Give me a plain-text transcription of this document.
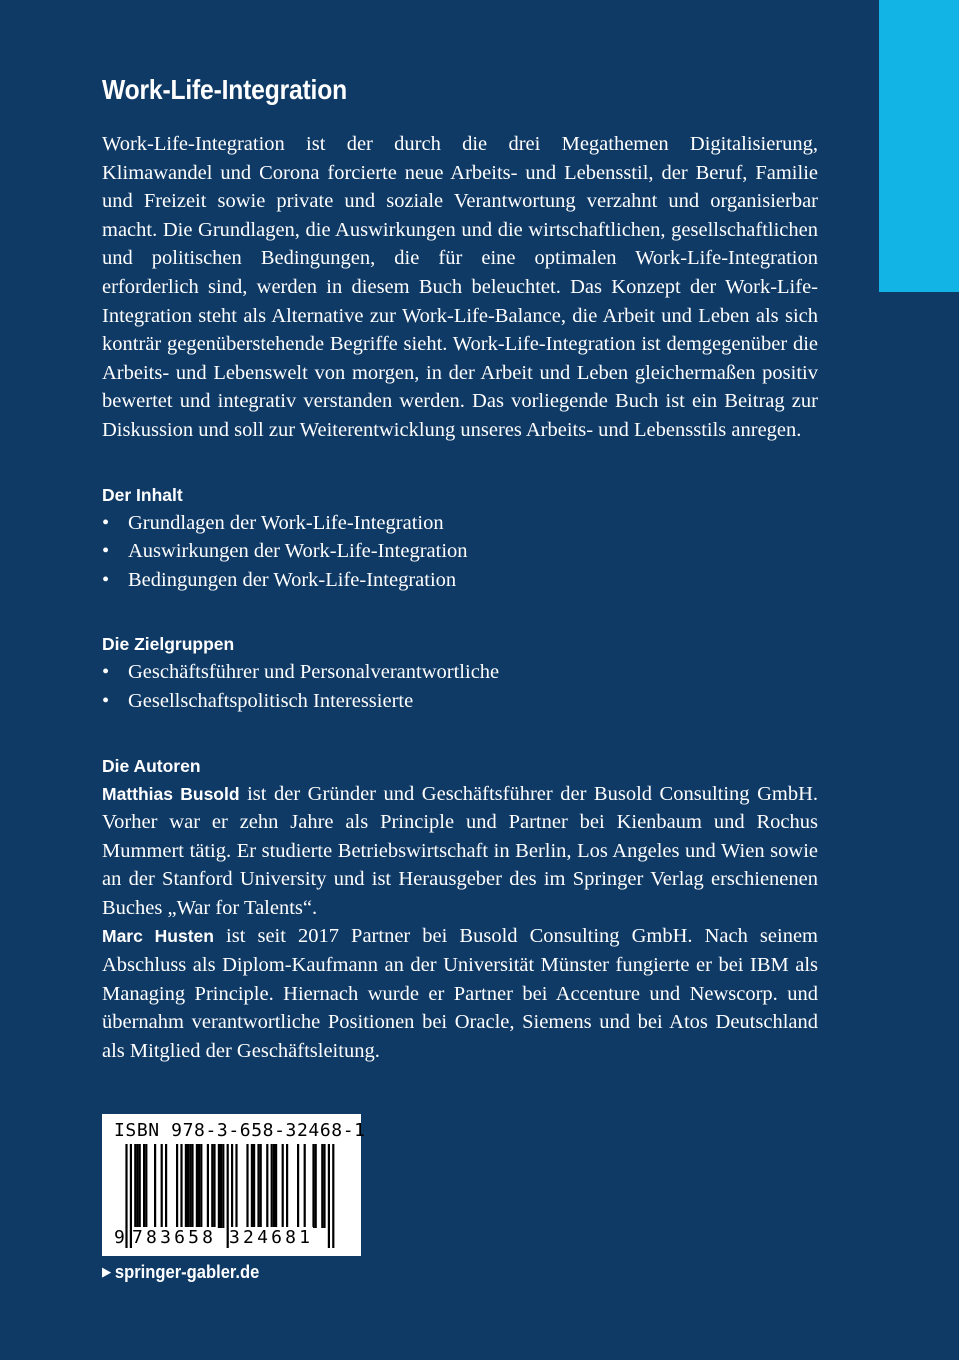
Work-Life-Integration

Work-Life-Integration ist der durch die drei Megathemen Digitalisierung, Klimawandel und Corona forcierte neue Arbeits- und Lebensstil, der Beruf, Familie und Freizeit sowie private und soziale Verantwortung verzahnt und organisierbar macht. Die Grundlagen, die Auswirkungen und die wirtschaftlichen, gesellschaftlichen und politischen Bedingungen, die für eine optimalen Work-Life-Integration erforderlich sind, werden in diesem Buch beleuchtet. Das Konzept der Work-Life-Integration steht als Alternative zur Work-Life-Balance, die Arbeit und Leben als sich konträr gegenüberstehende Begriffe sieht. Work-Life-Integration ist demgegenüber die Arbeits- und Lebenswelt von morgen, in der Arbeit und Leben gleichermaßen positiv bewertet und integrativ verstanden werden. Das vorliegende Buch ist ein Beitrag zur Diskussion und soll zur Weiterentwicklung unseres Arbeits- und Lebensstils anregen.

Der Inhalt
• Grundlagen der Work-Life-Integration
• Auswirkungen der Work-Life-Integration
• Bedingungen der Work-Life-Integration
Die Zielgruppen
• Geschäftsführer und Personalverantwortliche
• Gesellschaftspolitisch Interessierte
Die Autoren

Matthias Busold ist der Gründer und Geschäftsführer der Busold Consulting GmbH. Vorher war er zehn Jahre als Principle und Partner bei Kienbaum und Rochus Mummert tätig. Er studierte Betriebswirtschaft in Berlin, Los Angeles und Wien sowie an der Stanford University und ist Herausgeber des im Springer Verlag erschienenen Buches „War for Talents“.

Marc Husten ist seit 2017 Partner bei Busold Consulting GmbH. Nach seinem Abschluss als Diplom-Kaufmann an der Universität Münster fungierte er bei IBM als Managing Principle. Hiernach wurde er Partner bei Accenture und Newscorp. und übernahm verantwortliche Positionen bei Oracle, Siemens und bei Atos Deutschland als Mitglied der Geschäftsleitung.

ISBN 978-3-658-32468-1
9 783658 324681
▶ springer-gabler.de
